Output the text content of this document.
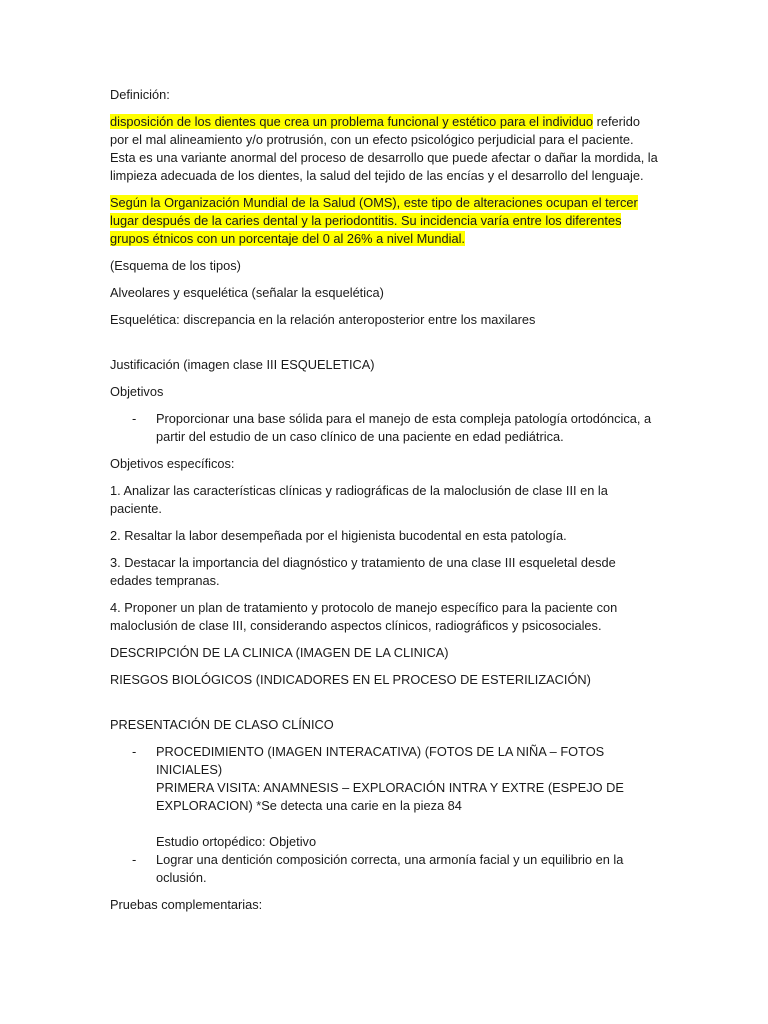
Definición:

disposición de los dientes que crea un problema funcional y estético para el individuo referido por el mal alineamiento y/o protrusión, con un efecto psicológico perjudicial para el paciente. Esta es una variante anormal del proceso de desarrollo que puede afectar o dañar la mordida, la limpieza adecuada de los dientes, la salud del tejido de las encías y el desarrollo del lenguaje.

Según la Organización Mundial de la Salud (OMS), este tipo de alteraciones ocupan el tercer lugar después de la caries dental y la periodontitis. Su incidencia varía entre los diferentes grupos étnicos con un porcentaje del 0 al 26% a nivel Mundial.

(Esquema de los tipos)

Alveolares y esquelética (señalar la esquelética)

Esquelética: discrepancia en la relación anteroposterior entre los maxilares

Justificación (imagen clase III ESQUELETICA)

Objetivos

-	Proporcionar una base sólida para el manejo de esta compleja patología ortodóncica, a partir del estudio de un caso clínico de una paciente en edad pediátrica.

Objetivos específicos:

1. Analizar las características clínicas y radiográficas de la maloclusión de clase III en la paciente.

2. Resaltar la labor desempeñada por el higienista bucodental en esta patología.

3. Destacar la importancia del diagnóstico y tratamiento de una clase III esqueletal desde edades tempranas.

4. Proponer un plan de tratamiento y protocolo de manejo específico para la paciente con maloclusión de clase III, considerando aspectos clínicos, radiográficos y psicosociales.

DESCRIPCIÓN DE LA CLINICA (IMAGEN DE LA CLINICA)

RIESGOS BIOLÓGICOS (INDICADORES EN EL PROCESO DE ESTERILIZACIÓN)

PRESENTACIÓN DE CLASO CLÍNICO

-	PROCEDIMIENTO (IMAGEN INTERACATIVA) (FOTOS DE LA NIÑA – FOTOS INICIALES)
PRIMERA VISITA: ANAMNESIS – EXPLORACIÓN INTRA Y EXTRE (ESPEJO DE EXPLORACION) *Se detecta una carie en la pieza 84
Estudio ortopédico: Objetivo
-	Lograr una dentición composición correcta, una armonía facial y un equilibrio en la oclusión.

Pruebas complementarias:
